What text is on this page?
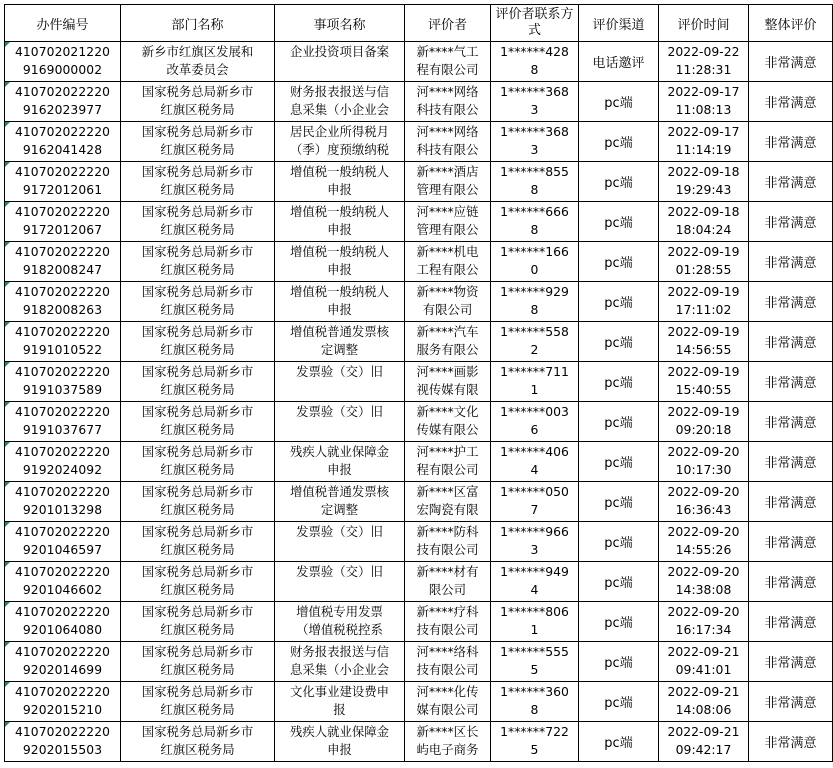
办件编号	部门名称	事项名称	评价者	评价者联系方式	评价渠道	评价时间	整体评价

410702021220
9169000002	新乡市红旗区发展和
改革委员会	企业投资项目备案	新****气工
程有限公司	1******428
8	电话邀评	2022-09-22
11:28:31	非常满意

410702022220
9162023977	国家税务总局新乡市
红旗区税务局	财务报表报送与信
息采集（小企业会	河****网络
科技有限公	1******368
3	pc端	2022-09-17
11:08:13	非常满意

410702022220
9162041428	国家税务总局新乡市
红旗区税务局	居民企业所得税月
（季）度预缴纳税	河****网络
科技有限公	1******368
3	pc端	2022-09-17
11:14:19	非常满意

410702022220
9172012061	国家税务总局新乡市
红旗区税务局	增值税一般纳税人
申报	新****酒店
管理有限公	1******855
8	pc端	2022-09-18
19:29:43	非常满意

410702022220
9172012067	国家税务总局新乡市
红旗区税务局	增值税一般纳税人
申报	河****应链
管理有限公	1******666
8	pc端	2022-09-18
18:04:24	非常满意

410702022220
9182008247	国家税务总局新乡市
红旗区税务局	增值税一般纳税人
申报	新****机电
工程有限公	1******166
0	pc端	2022-09-19
01:28:55	非常满意

410702022220
9182008263	国家税务总局新乡市
红旗区税务局	增值税一般纳税人
申报	新****物资
有限公司	1******929
8	pc端	2022-09-19
17:11:02	非常满意

410702022220
9191010522	国家税务总局新乡市
红旗区税务局	增值税普通发票核
定调整	新****汽车
服务有限公	1******558
2	pc端	2022-09-19
14:56:55	非常满意

410702022220
9191037589	国家税务总局新乡市
红旗区税务局	发票验（交）旧	河****画影
视传媒有限	1******711
1	pc端	2022-09-19
15:40:55	非常满意

410702022220
9191037677	国家税务总局新乡市
红旗区税务局	发票验（交）旧	新****文化
传媒有限公	1******003
6	pc端	2022-09-19
09:20:18	非常满意

410702022220
9192024092	国家税务总局新乡市
红旗区税务局	残疾人就业保障金
申报	河****护工
程有限公司	1******406
4	pc端	2022-09-20
10:17:30	非常满意

410702022220
9201013298	国家税务总局新乡市
红旗区税务局	增值税普通发票核
定调整	新****区富
宏陶瓷有限	1******050
7	pc端	2022-09-20
16:36:43	非常满意

410702022220
9201046597	国家税务总局新乡市
红旗区税务局	发票验（交）旧	新****防科
技有限公司	1******966
3	pc端	2022-09-20
14:55:26	非常满意

410702022220
9201046602	国家税务总局新乡市
红旗区税务局	发票验（交）旧	新****材有
限公司	1******949
4	pc端	2022-09-20
14:38:08	非常满意

410702022220
9201064080	国家税务总局新乡市
红旗区税务局	增值税专用发票
（增值税税控系	新****疗科
技有限公司	1******806
1	pc端	2022-09-20
16:17:34	非常满意

410702022220
9202014699	国家税务总局新乡市
红旗区税务局	财务报表报送与信
息采集（小企业会	河****络科
技有限公司	1******555
5	pc端	2022-09-21
09:41:01	非常满意

410702022220
9202015210	国家税务总局新乡市
红旗区税务局	文化事业建设费申
报	河****化传
媒有限公司	1******360
8	pc端	2022-09-21
14:08:06	非常满意

410702022220
9202015503	国家税务总局新乡市
红旗区税务局	残疾人就业保障金
申报	新****区长
屿电子商务	1******722
5	pc端	2022-09-21
09:42:17	非常满意
